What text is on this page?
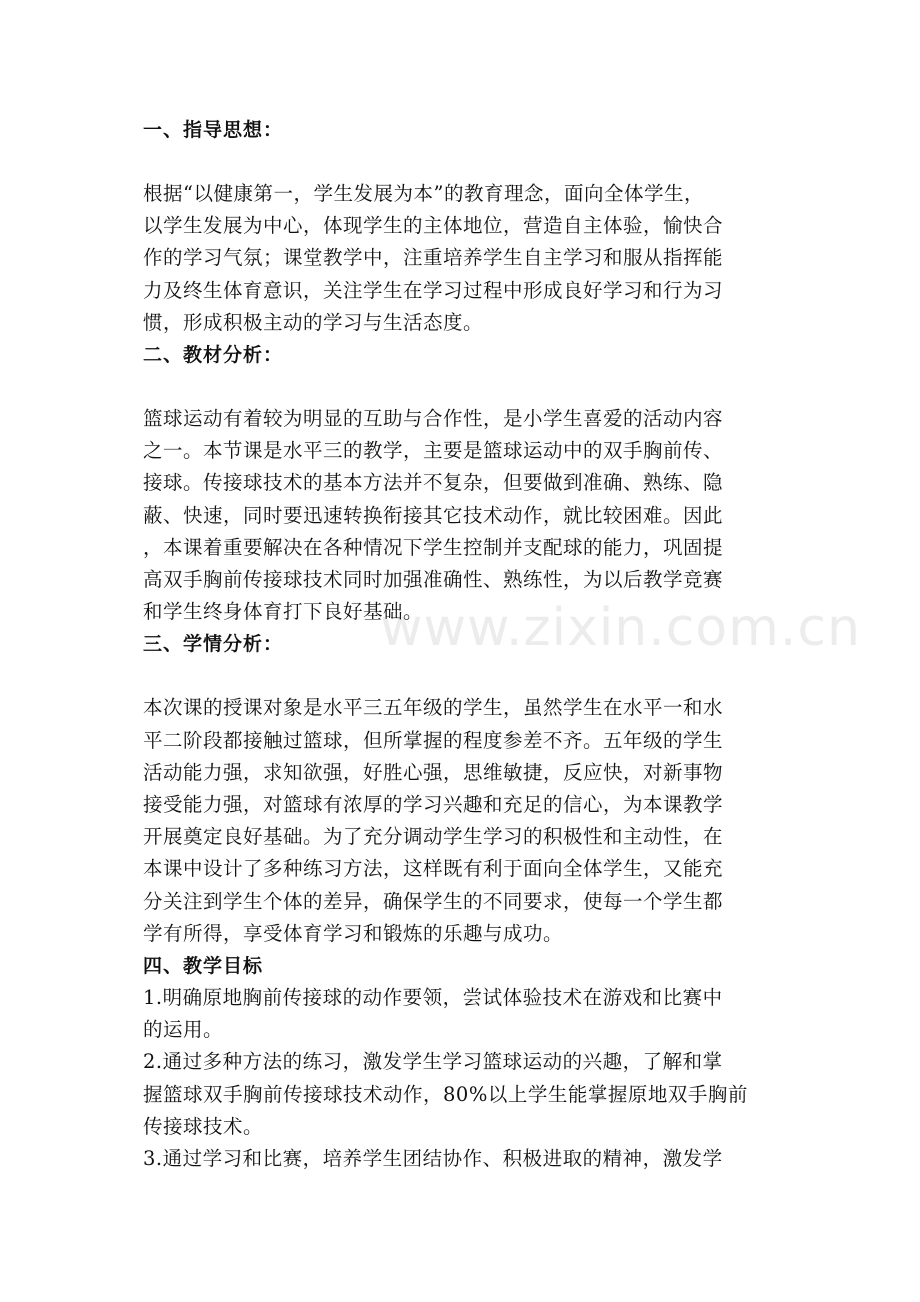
一、指导思想：

根据“以健康第一，学生发展为本”的教育理念，面向全体学生，
以学生发展为中心，体现学生的主体地位，营造自主体验，愉快合
作的学习气氛；课堂教学中，注重培养学生自主学习和服从指挥能
力及终生体育意识，关注学生在学习过程中形成良好学习和行为习
惯，形成积极主动的学习与生活态度。

二、教材分析：

篮球运动有着较为明显的互助与合作性，是小学生喜爱的活动内容
之一。本节课是水平三的教学，主要是篮球运动中的双手胸前传、
接球。传接球技术的基本方法并不复杂，但要做到准确、熟练、隐
蔽、快速，同时要迅速转换衔接其它技术动作，就比较困难。因此
，本课着重要解决在各种情况下学生控制并支配球的能力，巩固提
高双手胸前传接球技术同时加强准确性、熟练性，为以后教学竞赛
和学生终身体育打下良好基础。

三、学情分析：

本次课的授课对象是水平三五年级的学生，虽然学生在水平一和水
平二阶段都接触过篮球，但所掌握的程度参差不齐。五年级的学生
活动能力强，求知欲强，好胜心强，思维敏捷，反应快，对新事物
接受能力强，对篮球有浓厚的学习兴趣和充足的信心，为本课教学
开展奠定良好基础。为了充分调动学生学习的积极性和主动性，在
本课中设计了多种练习方法，这样既有利于面向全体学生，又能充
分关注到学生个体的差异，确保学生的不同要求，使每一个学生都
学有所得，享受体育学习和锻炼的乐趣与成功。

四、教学目标

1.明确原地胸前传接球的动作要领，尝试体验技术在游戏和比赛中
的运用。
2.通过多种方法的练习，激发学生学习篮球运动的兴趣，了解和掌
握篮球双手胸前传接球技术动作，80%以上学生能掌握原地双手胸前
传接球技术。
3.通过学习和比赛，培养学生团结协作、积极进取的精神，激发学

www.zixin.com.cn
